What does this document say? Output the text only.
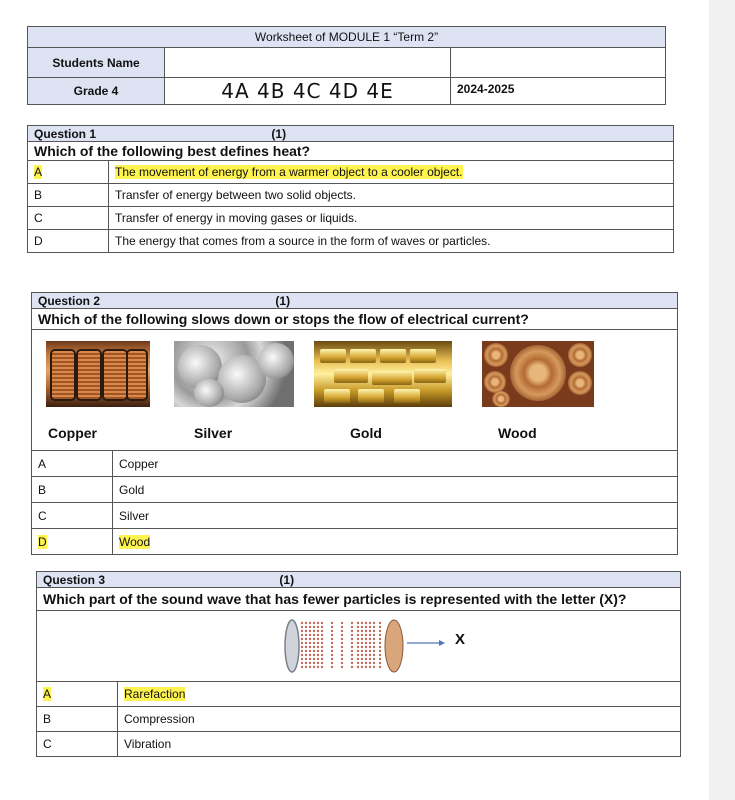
Worksheet of MODULE 1 “Term 2”		
Students Name		
Grade 4	4A 4B 4C 4D 4E	2024-2025
Question 1	(1)
Which of the following best defines heat?	
A	The movement of energy from a warmer object to a cooler object.
B	Transfer of energy between two solid objects.
C	Transfer of energy in moving gases or liquids.
D	The energy that comes from a source in the form of waves or particles.
Question 2	(1)
Which of the following slows down or stops the flow of electrical current?	

Copper Silver Gold Wood	

A	Copper
B	Gold
C	Silver
D	Wood
Question 3	(1)
Which part of the sound wave that has fewer particles is represented with the letter (X)?	

X	

A	Rarefaction
B	Compression
C	Vibration
